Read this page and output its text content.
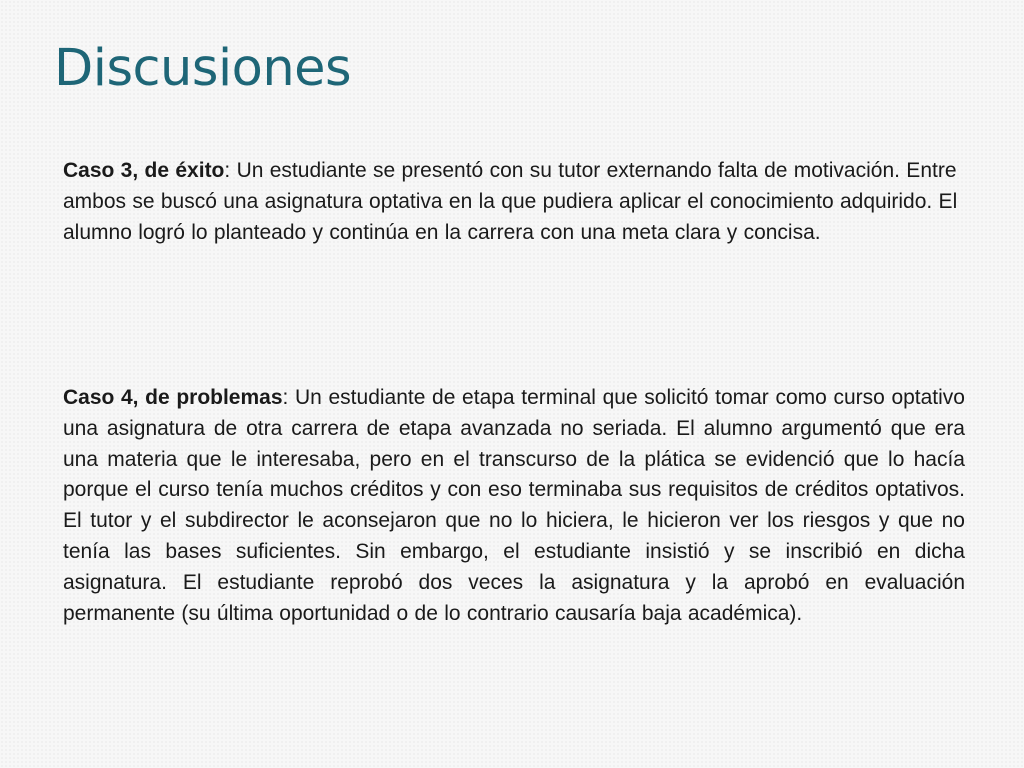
Discusiones

Caso 3, de éxito: Un estudiante se presentó con su tutor externando falta de motivación. Entre ambos se buscó una asignatura optativa en la que pudiera aplicar el conocimiento adquirido. El alumno logró lo planteado y continúa en la carrera con una meta clara y concisa.

Caso 4, de problemas: Un estudiante de etapa terminal que solicitó tomar como curso optativo una asignatura de otra carrera de etapa avanzada no seriada. El alumno argumentó que era una materia que le interesaba, pero en el transcurso de la plática se evidenció que lo hacía porque el curso tenía muchos créditos y con eso terminaba sus requisitos de créditos optativos. El tutor y el subdirector le aconsejaron que no lo hiciera, le hicieron ver los riesgos y que no tenía las bases suficientes. Sin embargo, el estudiante insistió y se inscribió en dicha asignatura. El estudiante reprobó dos veces la asignatura y la aprobó en evaluación permanente (su última oportunidad o de lo contrario causaría baja académica).
